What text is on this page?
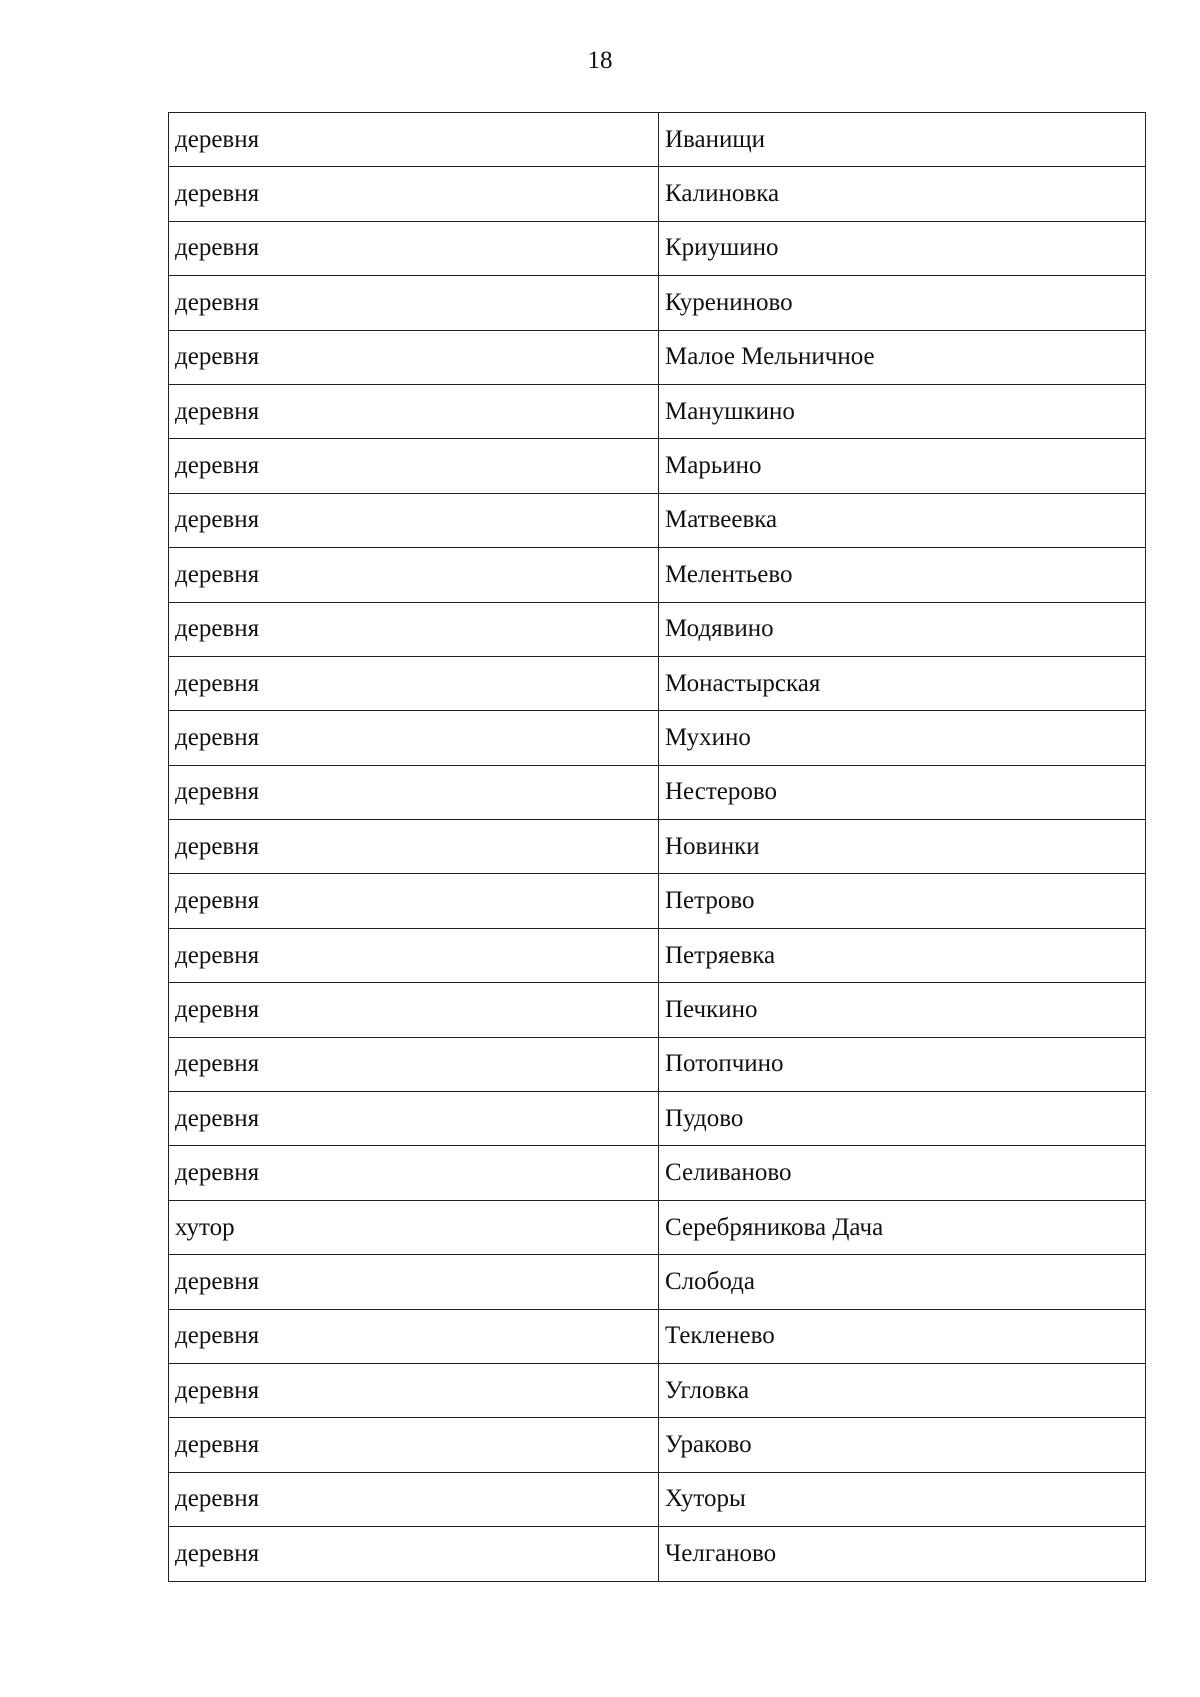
18
деревня	Иванищи
деревня	Калиновка
деревня	Криушино
деревня	Курениново
деревня	Малое Мельничное
деревня	Манушкино
деревня	Марьино
деревня	Матвеевка
деревня	Мелентьево
деревня	Модявино
деревня	Монастырская
деревня	Мухино
деревня	Нестерово
деревня	Новинки
деревня	Петрово
деревня	Петряевка
деревня	Печкино
деревня	Потопчино
деревня	Пудово
деревня	Селиваново
хутор	Серебряникова Дача
деревня	Слобода
деревня	Текленево
деревня	Угловка
деревня	Ураково
деревня	Хуторы
деревня	Челганово
